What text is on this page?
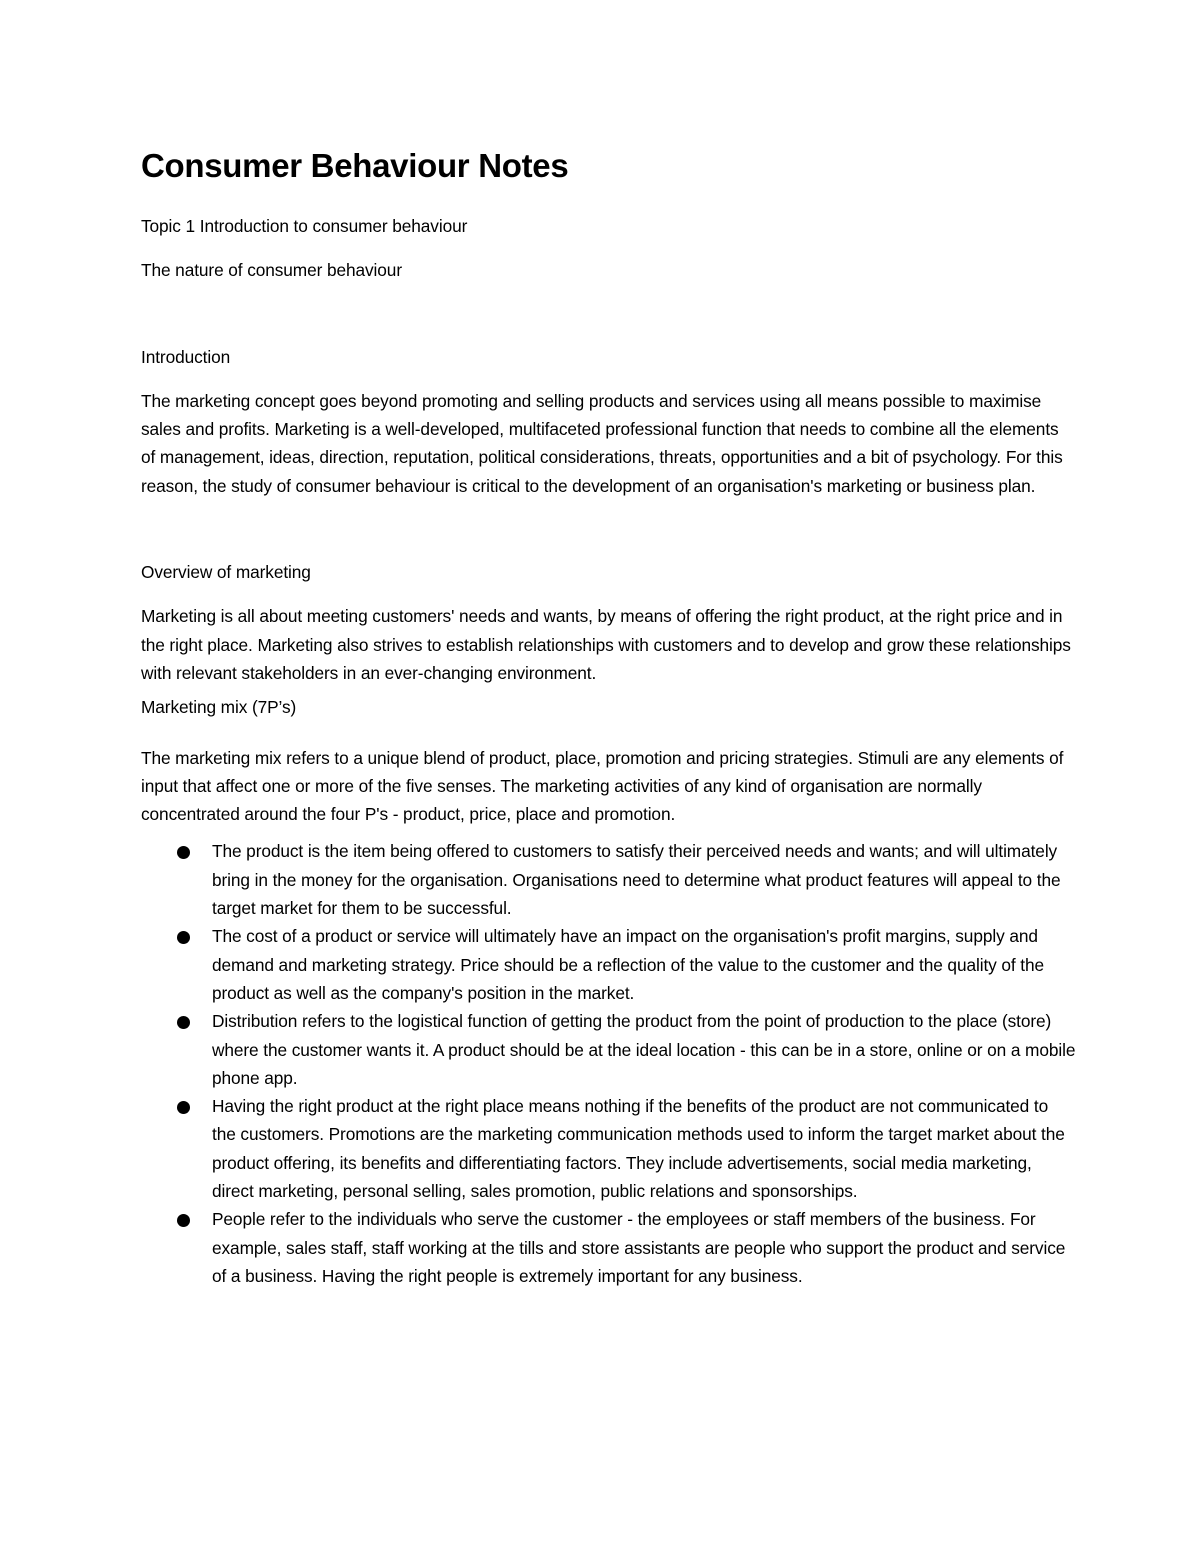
Consumer Behaviour Notes

Topic 1 Introduction to consumer behaviour

The nature of consumer behaviour

Introduction

The marketing concept goes beyond promoting and selling products and services using all means possible to maximise sales and profits. Marketing is a well-developed, multifaceted professional function that needs to combine all the elements of management, ideas, direction, reputation, political considerations, threats, opportunities and a bit of psychology. For this reason, the study of consumer behaviour is critical to the development of an organisation's marketing or business plan.

Overview of marketing

Marketing is all about meeting customers' needs and wants, by means of offering the right product, at the right price and in the right place. Marketing also strives to establish relationships with customers and to develop and grow these relationships with relevant stakeholders in an ever-changing environment.

Marketing mix (7P’s)

The marketing mix refers to a unique blend of product, place, promotion and pricing strategies. Stimuli are any elements of input that affect one or more of the five senses. The marketing activities of any kind of organisation are normally concentrated around the four P's - product, price, place and promotion.

The product is the item being offered to customers to satisfy their perceived needs and wants; and will ultimately bring in the money for the organisation. Organisations need to determine what product features will appeal to the target market for them to be successful.
The cost of a product or service will ultimately have an impact on the organisation's profit margins, supply and demand and marketing strategy. Price should be a reflection of the value to the customer and the quality of the product as well as the company's position in the market.
Distribution refers to the logistical function of getting the product from the point of production to the place (store) where the customer wants it. A product should be at the ideal location - this can be in a store, online or on a mobile phone app.
Having the right product at the right place means nothing if the benefits of the product are not communicated to the customers. Promotions are the marketing communication methods used to inform the target market about the product offering, its benefits and differentiating factors. They include advertisements, social media marketing, direct marketing, personal selling, sales promotion, public relations and sponsorships.
People refer to the individuals who serve the customer - the employees or staff members of the business. For example, sales staff, staff working at the tills and store assistants are people who support the product and service of a business. Having the right people is extremely important for any business.
